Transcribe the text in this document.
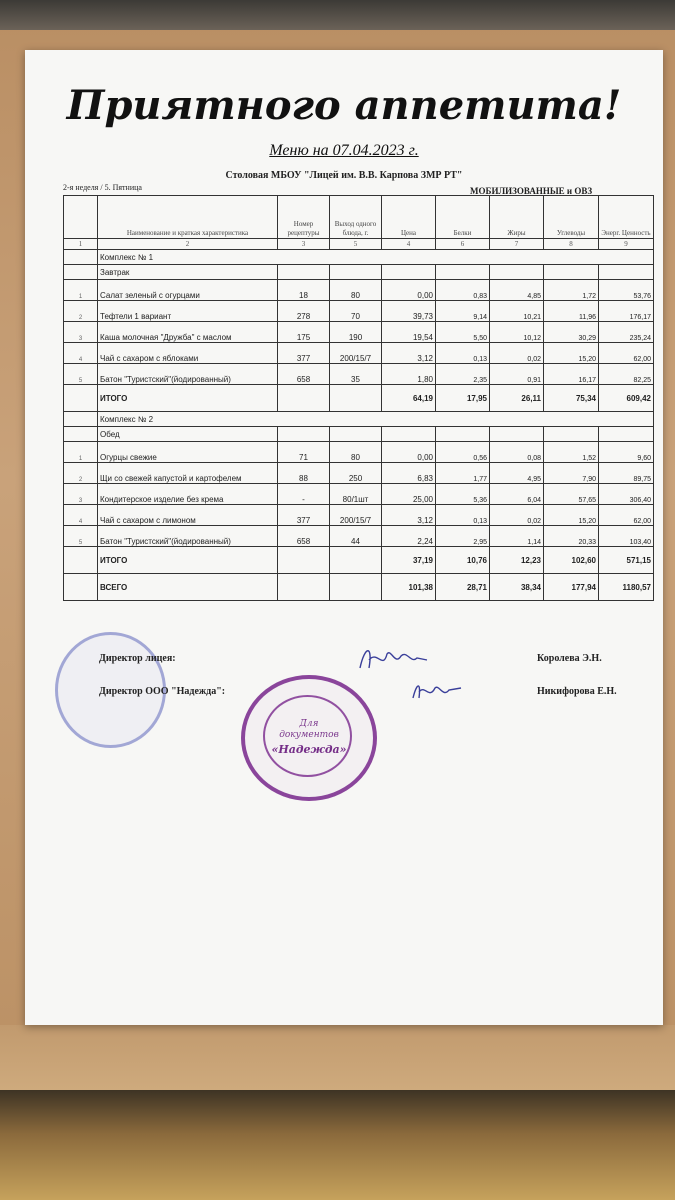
Приятного аппетита!
Меню на 07.04.2023 г.
Столовая МБОУ "Лицей им. В.В. Карпова ЗМР РТ"
2-я неделя / 5. Пятница	МОБИЛИЗОВАННЫЕ и ОВЗ
	Наименование и краткая характеристика	Номер рецептуры	Выход одного блюда, г.	Цена	Белки	Жиры	Углеводы	Энерг. Ценность
1	2	3	5	4	6	7	8	9
	Комплекс № 1							
	Завтрак							
1	Салат зеленый с огурцами	18	80	0,00	0,83	4,85	1,72	53,76
2	Тефтели 1 вариант	278	70	39,73	9,14	10,21	11,96	176,17
3	Каша молочная "Дружба" с маслом	175	190	19,54	5,50	10,12	30,29	235,24
4	Чай с сахаром с яблоками	377	200/15/7	3,12	0,13	0,02	15,20	62,00
5	Батон "Туристский"(йодированный)	658	35	1,80	2,35	0,91	16,17	82,25
	ИТОГО			64,19	17,95	26,11	75,34	609,42
	Комплекс № 2							
	Обед							
1	Огурцы свежие	71	80	0,00	0,56	0,08	1,52	9,60
2	Щи со свежей капустой и картофелем	88	250	6,83	1,77	4,95	7,90	89,75
3	Кондитерское изделие без крема	-	80/1шт	25,00	5,36	6,04	57,65	306,40
4	Чай с сахаром с лимоном	377	200/15/7	3,12	0,13	0,02	15,20	62,00
5	Батон "Туристский"(йодированный)	658	44	2,24	2,95	1,14	20,33	103,40
	ИТОГО			37,19	10,76	12,23	102,60	571,15
	ВСЕГО			101,38	28,71	38,34	177,94	1180,57
Директор лицея:	Королева Э.Н.
Директор ООО "Надежда":	Никифорова Е.Н.
Для
документов
«Надежда»
